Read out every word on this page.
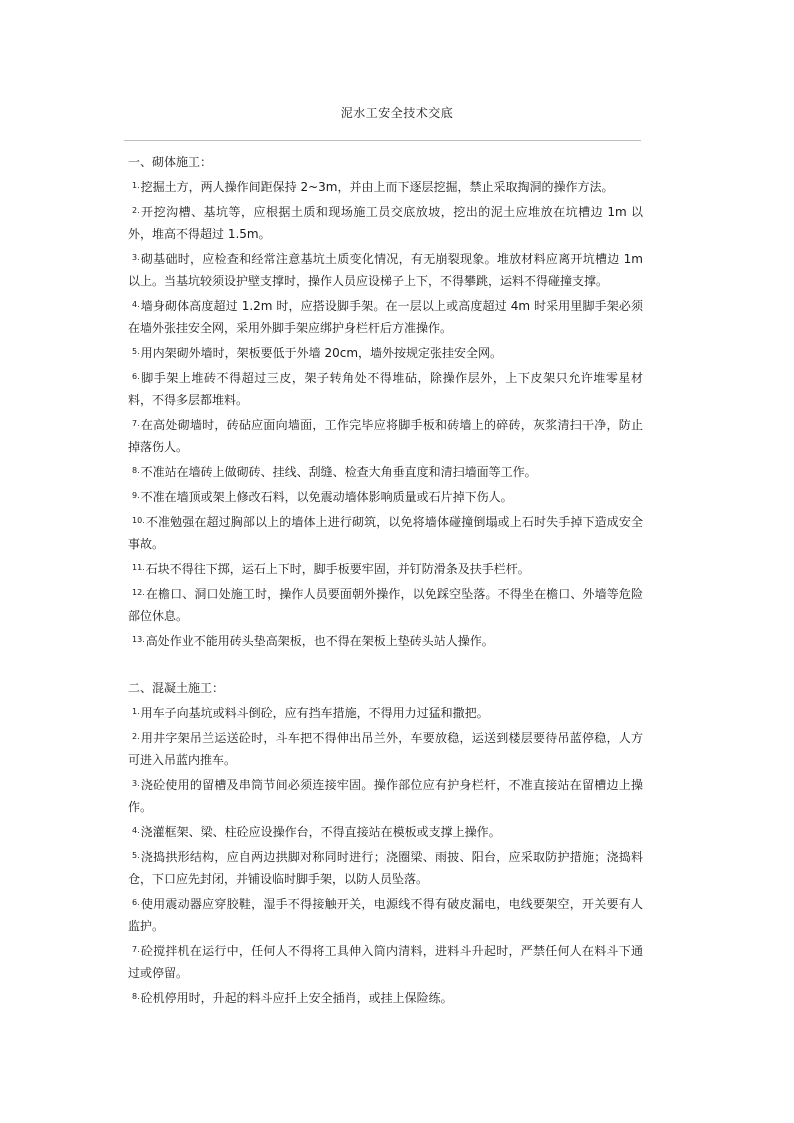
泥水工安全技术交底
一、砌体施工：
1.挖掘土方，两人操作间距保持 2~3m，并由上而下逐层挖掘，禁止采取掏洞的操作方法。
2.开挖沟槽、基坑等，应根据土质和现场施工员交底放坡，挖出的泥土应堆放在坑槽边 1m 以外，堆高不得超过 1.5m。
3.砌基础时，应检查和经常注意基坑土质变化情况，有无崩裂现象。堆放材料应离开坑槽边 1m 以上。当基坑较须设护壁支撑时，操作人员应设梯子上下，不得攀跳，运料不得碰撞支撑。
4.墙身砌体高度超过 1.2m 时，应搭设脚手架。在一层以上或高度超过 4m 时采用里脚手架必须在墙外张挂安全网，采用外脚手架应绑护身栏杆后方准操作。
5.用内架砌外墙时，架板要低于外墙 20cm，墙外按规定张挂安全网。
6.脚手架上堆砖不得超过三皮，架子转角处不得堆砧，除操作层外，上下皮架只允许堆零星材料，不得多层都堆料。
7.在高处砌墙时，砖砧应面向墙面，工作完毕应将脚手板和砖墙上的碎砖，灰浆清扫干净，防止掉落伤人。
8.不准站在墙砖上做砌砖、挂线、刮缝、检查大角垂直度和清扫墙面等工作。
9.不准在墙顶或架上修改石料，以免震动墙体影响质量或石片掉下伤人。
10.不准勉强在超过胸部以上的墙体上进行砌筑，以免将墙体碰撞倒塌或上石时失手掉下造成安全事故。
11.石块不得往下掷，运石上下时，脚手板要牢固，并钉防滑条及扶手栏杆。
12.在檐口、洞口处施工时，操作人员要面朝外操作，以免踩空坠落。不得坐在檐口、外墙等危险部位休息。
13.高处作业不能用砖头垫高架板，也不得在架板上垫砖头站人操作。
二、混凝土施工：
1.用车子向基坑或料斗倒砼，应有挡车措施，不得用力过猛和撒把。
2.用井字架吊兰运送砼时，斗车把不得伸出吊兰外，车要放稳，运送到楼层要待吊蓝停稳，人方可进入吊蓝内推车。
3.浇砼使用的留槽及串筒节间必须连接牢固。操作部位应有护身栏杆，不准直接站在留槽边上操作。
4.浇灌框架、梁、柱砼应设操作台，不得直接站在模板或支撑上操作。
5.浇捣拱形结构，应自两边拱脚对称同时进行；浇圈梁、雨披、阳台，应采取防护措施；浇捣料仓，下口应先封闭，并铺设临时脚手架，以防人员坠落。
6.使用震动器应穿胶鞋，湿手不得接触开关，电源线不得有破皮漏电，电线要架空，开关要有人监护。
7.砼搅拌机在运行中，任何人不得将工具伸入筒内清料，进料斗升起时，严禁任何人在料斗下通过或停留。
8.砼机停用时，升起的料斗应扦上安全插肖，或挂上保险练。
